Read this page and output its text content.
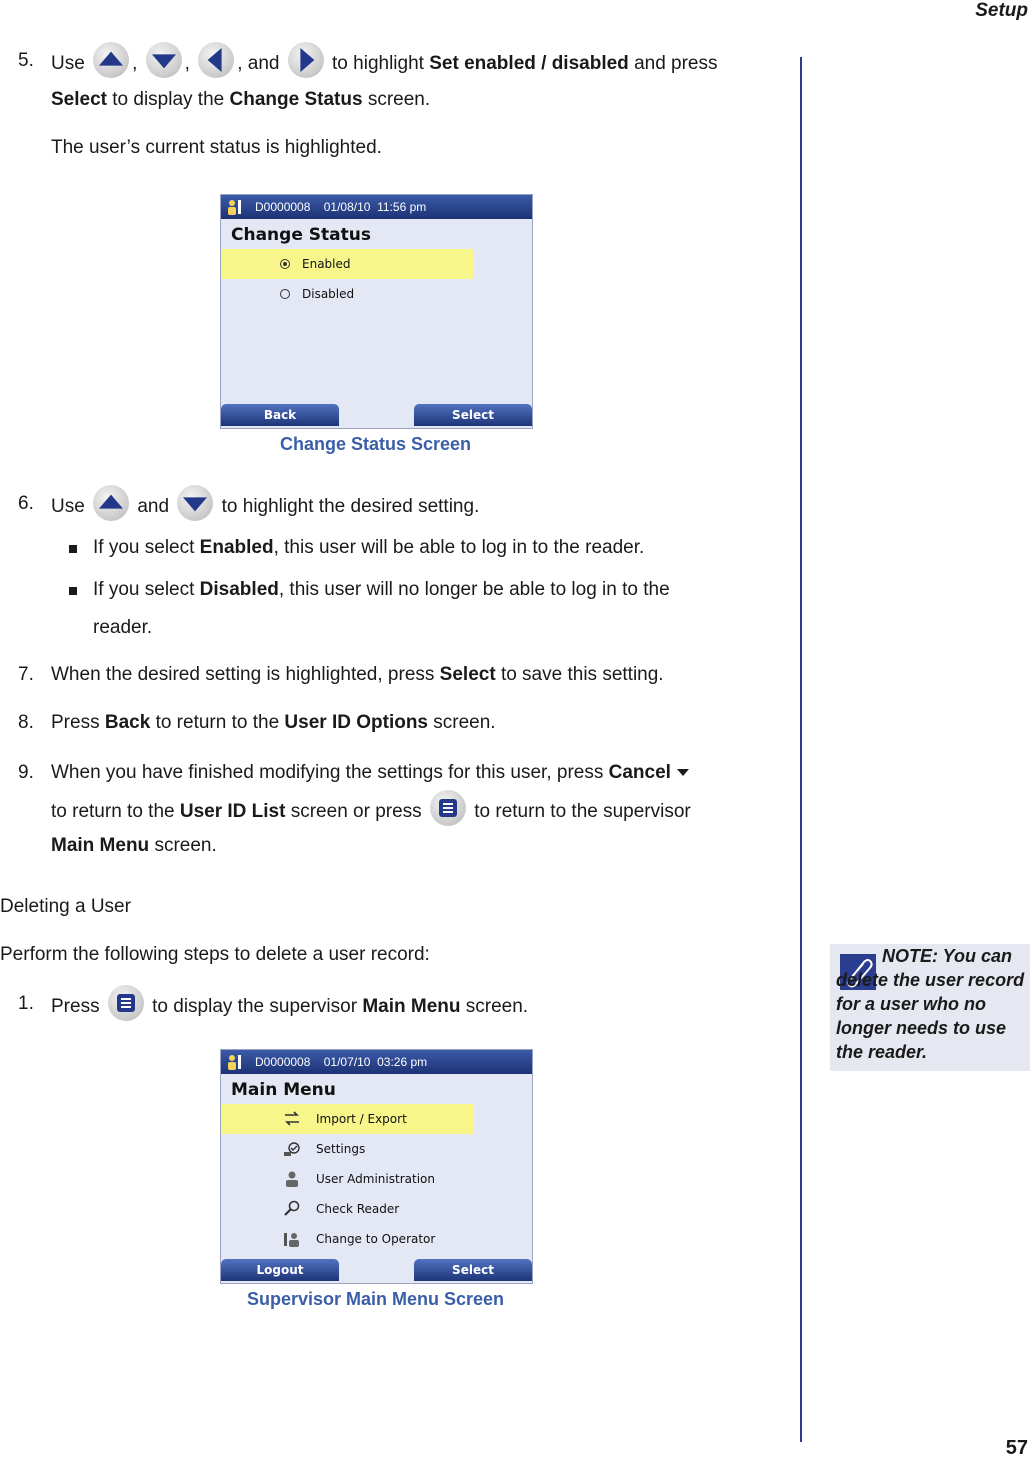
Setup
5. Use , , , and	to highlight Set enabled / disabled and press
Select to display the Change Status screen.
The user’s current status is highlighted.
D0000008    01/08/10  11:56 pm
Change Status
Enabled
Disabled
Back	Select
Change Status Screen
6. Use	and	to highlight the desired setting.
If you select Enabled, this user will be able to log in to the reader.
If you select Disabled, this user will no longer be able to log in to the
reader.
7. When the desired setting is highlighted, press Select to save this setting.
8. Press Back to return to the User ID Options screen.
9. When you have finished modifying the settings for this user, press Cancel
to return to the User ID List screen or press	to return to the supervisor
Main Menu screen.
Deleting a User
Perform the following steps to delete a user record:
1. Press	to display the supervisor Main Menu screen.
NOTE: You can delete the user record for a user who no longer needs to use the reader.
D0000008    01/07/10  03:26 pm
Main Menu
Import / Export
Settings
User Administration
Check Reader
Change to Operator
Logout	Select
Supervisor Main Menu Screen
57
